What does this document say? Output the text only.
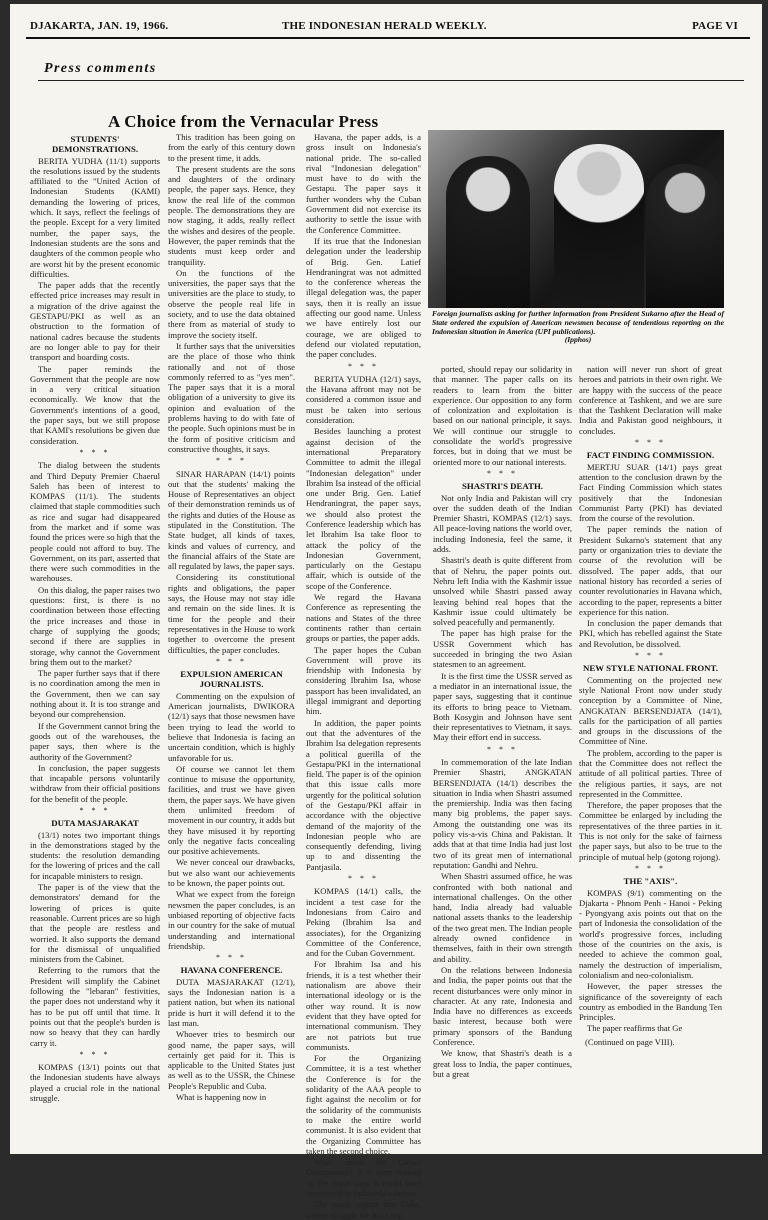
DJAKARTA, JAN. 19, 1966.	THE INDONESIAN HERALD WEEKLY.	PAGE VI
Press comments
A Choice from the Vernacular Press

STUDENTS' DEMONSTRATIONS.

BERITA YUDHA (11/1) supports the resolutions issued by the students affiliated to the "United Action of Indonesian Students (KAMI) demanding the lowering of prices, which. It says, reflect the feelings of the people. Except for a very limited number, the paper says, the Indonesian students are the sons and daughters of the common people who are worst hit by the present economic difficulties.

The paper adds that the recently effected price increases may result in a migration of the drive against the GESTAPU/PKI as well as an obstruction to the formation of national cadres because the students are no longer able to pay for their transport and boarding costs.

The paper reminds the Government that the people are now in a very critical situation economically. We know that the Government's intentions of a good, the paper says, but we still propose that KAMI's resolutions be given due consideration.

* * *

The dialog between the students and Third Deputy Premier Chaerul Saleh has been of interest to KOMPAS (11/1). The students claimed that staple commodities such as rice and sugar had disappeared from the market and if some was found the prices were so high that the people could not afford to buy. The Government, on its part, asserted that there were such commodities in the warehouses.

On this dialog, the paper raises two questions: first, is there is no coordination between those effecting the price increases and those in charge of supplying the goods; second if there are supplies in storage, why cannot the Government bring them out to the market?

The paper further says that if there is no coordination among the men in the Government, then we can say nothing about it. It is too strange and beyond our comprehension.

If the Government cannot bring the goods out of the warehouses, the paper says, then where is the authority of the Government?

In conclusion, the paper suggests that incapable persons voluntarily withdraw from their official positions for the benefit of the people.

* * *

DUTA MASJARAKAT

(13/1) notes two important things in the demonstrations staged by the students: the resolution demanding for the lowering of prices and the call for incapable ministers to resign.

The paper is of the view that the demonstrators' demand for the lowering of prices is quite reasonable. Current prices are so high that the people are restless and worried. It also supports the demand for the dismissal of unqualified ministers from the Cabinet.

Referring to the rumors that the President will simplify the Cabinet following the "lebaran" festivities, the paper does not understand why it has to be put off until that time. It points out that the people's burden is now so heavy that they can hardly carry it.

* * *

KOMPAS (13/1) points out that the Indonesian students have always played a crucial role in the national struggle.

This tradition has been going on from the early of this century down to the present time, it adds.

The present students are the sons and daughters of the ordinary people, the paper says. Hence, they know the real life of the common people. The demonstrations they are now staging, it adds, really reflect the wishes and desires of the people. However, the paper reminds that the students must keep order and tranquility.

On the functions of the universities, the paper says that the universities are the place to study, to observe the people real life in society, and to use the data obtained there from as material of study to improve the society itself.

It further says that the universities are the place of those who think rationally and not of those commonly referred to as "yes men". The paper says that it is a moral obligation of a university to give its opinion and evaluation of the problems having to do with fate of the people. Such opinions must be in the form of positive criticism and constructive thoughts, it says.

* * *

SINAR HARAPAN (14/1) points out that the students' making the House of Representatives an object of their demonstration reminds us of the rights and duties of the House as stipulated in the Constitution. The State budget, all kinds of taxes, kinds and values of currency, and the financial affairs of the State are all regulated by laws, the paper says.

Considering its constitutional rights and obligations, the paper says, the House may not stay idle and remain on the side lines. It is time for the people and their representatives in the House to work together to overcome the present difficulties, the paper concludes.

* * *

EXPULSION AMERICAN JOURNALISTS.

Commenting on the expulsion of American journalists, DWIKORA (12/1) says that those newsmen have been trying to lead the world to believe that Indonesia is facing an uncertain condition, which is highly unfavorable for us.

Of course we cannot let them continue to misuse the opportunity, facilities, and trust we have given them, the paper says. We have given them unlimited freedom of movement in our country, it adds but they have misused it by reporting only the negative facts concealing our positive achievements.

We never conceal our drawbacks, but we also want our achievements to be known, the paper points out.

What we expect from the foreign newsmen the paper concludes, is an unbiased reporting of objective facts in our country for the sake of mutual understanding and international friendship.

* * *

HAVANA CONFERENCE.

DUTA MASJARAKAT (12/1), says the Indonesian nation is a patient nation, but when its national pride is hurt it will defend it to the last man.

Whoever tries to besmirch our good name, the paper says, will certainly get paid for it. This is applicable to the United States just as well as to the USSR, the Chinese People's Republic and Cuba.

What is happening now in

Havana, the paper adds, is a gross insult on Indonesia's national pride. The so-called rival "Indonesian delegation" must have to do with the Gestapu. The paper says it further wonders why the Cuban Government did not exercise its authority to settle the issue with the Conference Committee.

If its true that the Indonesian delegation under the leadership of Brig. Gen. Latief Hendraningrat was not admitted to the conference whereas the illegal delegation was, the paper says, then it is really an issue affecting our good name. Unless we have entirely lost our courage, we are obliged to defend our violated reputation, the paper concludes.

* * *

BERITA YUDHA (12/1) says, the Havana affront may not be considered a common issue and must be taken into serious consideration.

Besides launching a protest against decision of the international Preparatory Committee to admit the illegal "Indonesian delegation" under Ibrahim Isa instead of the official one under Brig. Gen. Latief Hendraningrat, the paper says, we should also protest the Conference leadership which has let Ibrahim Isa take floor to attack the policy of the Indonesian Government, particularly on the Gestapu affair, which is outside of the scope of the Conference.

We regard the Havana Conference as representing the nations and States of the three continents rather than certain groups or parties, the paper adds.

The paper hopes the Cuban Government will prove its friendship with Indonesia by considering Ibrahim Isa, whose passport has been invalidated, an illegal immigrant and deporting him.

In addition, the paper points out that the adventures of the Ibrahim Isa delegation represents a political guerilla of the Gestapu/PKI in the international field. The paper is of the opinion that this issue calls more urgently for the political solution of the Gestapu/PKI affair in accordance with the objective demand of the majority of the Indonesian people who are consequently defending, living up to and dissenting the Pantjasila.

* * *

KOMPAS (14/1) calls, the incident a test case for the Indonesians from Cairo and Peking (Ibrahim Isa and associates), for the Organizing Committee of the Conference, and for the Cuban Government.

For Ibrahim Isa and his friends, it is a test whether their nationalism are above their international ideology or is the other way round. It is now evident that they have opted for international communism. They are not patriots but true communists.

For the Organizing Committee, it is a test whether the Conference is for the solidarity of the AAA people to fight against the necolim or for the solidarity of the communists to make the entire world communist. It is also evident that the Organizing Committee has taken the second choice.

What about the Cuban Government? If it were willing to, the paper says, it could have intervened in Indonesia's favour.

The paper regrets that Cuba, whose struggle we have sup

Foreign journalists asking for further information from President Sukarno after the Head of State ordered the expulsion of American newsmen because of tendentious reporting on the Indonesian situation in America (UPI publications).
(Ipphos)

ported, should repay our solidarity in that manner. The paper calls on its readers to learn from the bitter experience. Our opposition to any form of colonization and exploitation is based on our national principle, it says. We will continue our struggle to consolidate the world's progressive forces, but in doing that we must be oriented more to our national interests.

* * *

SHASTRI'S DEATH.

Not only India and Pakistan will cry over the sudden death of the Indian Premier Shastri, KOMPAS (12/1) says. All peace-loving nations the world over, including Indonesia, feel the same, it adds.

Shastri's death is quite different from that of Nehru, the paper points out. Nehru left India with the Kashmir issue unsolved while Shastri passed away leaving behind real hopes that the Kashmir issue could ultimately be solved peacefully and permanently.

The paper has high praise for the USSR Government which has succeeded in bringing the two Asian statesmen to an agreement.

It is the first time the USSR served as a mediator in an international issue, the paper says, suggesting that it continue its efforts to bring peace to Vietnam. Both Kosygin and Johnson have sent their representatives to Vietnam, it says. May their effort end in success.

* * *

In commemoration of the late Indian Premier Shastri, ANGKATAN BERSENDJATA (14/1) describes the situation in India when Shastri assumed the premiership. India was then facing many big problems, the paper says. Among the outstanding one was its policy vis-a-vis China and Pakistan. It adds that at that time India had just lost two of its great men of international reputation: Gandhi and Nehru.

When Shastri assumed office, he was confronted with both national and international challenges. On the other hand, India already had valuable national assets thanks to the leadership of the two great men. The Indian people already owned confidence in themselves, faith in their own strength and ability.

On the relations between Indonesia and India, the paper points out that the recent disturbances were only minor in character. At any rate, Indonesia and India have no differences as exceeds basic interest, because both were primary sponsors of the Bandung Conference.

We know, that Shastri's death is a great loss to India, the paper continues, but a great

nation will never run short of great heroes and patriots in their own right. We are happy with the success of the peace conference at Tashkent, and we are sure that the Tashkent Declaration will make India and Pakistan good neighbours, it concludes.

* * *

FACT FINDING COMMISSION.

MERTJU SUAR (14/1) pays great attention to the conclusion drawn by the Fact Finding Commission which states positively that the Indonesian Communist Party (PKI) has deviated from the course of the revolution.

The paper reminds the nation of President Sukarno's statement that any party or organization tries to deviate the course of the revolution will be dissolved. The paper adds, that our national history has recorded a series of counter revolutionaries in Havana which, according to the paper, represents a bitter experience for this nation.

In conclusion the paper demands that PKI, which has rebelled against the State and Revolution, be dissolved.

* * *

NEW STYLE NATIONAL FRONT.

Commenting on the projected new style National Front now under study conception by a Committee of Nine, ANGKATAN BERSENDJATA (14/1), calls for the participation of all parties and groups in the discussions of the Committee of Nine.

The problem, according to the paper is that the Committee does not reflect the attitude of all political parties. Three of the religious parties, it says, are not represented in the Committee.

Therefore, the paper proposes that the Committee be enlarged by including the representatives of the three parties in it. This is not only for the sake of fairness the paper says, but also to be true to the principle of mutual help (gotong rojong).

* * *

THE "AXIS".

KOMPAS (9/1) commenting on the Djakarta - Phnom Penh - Hanoi - Peking - Pyongyang axis points out that on the part of Indonesia the consolidation of the world's progressive forces, including those of the countries on the axis, is needed to achieve the common goal, namely the destruction of imperialism, colonialism and neo-colonialism.

However, the paper stresses the significance of the sovereignty of each country as embodied in the Bandung Ten Principles.

The paper reaffirms that Ge

(Continued on page VIII).
